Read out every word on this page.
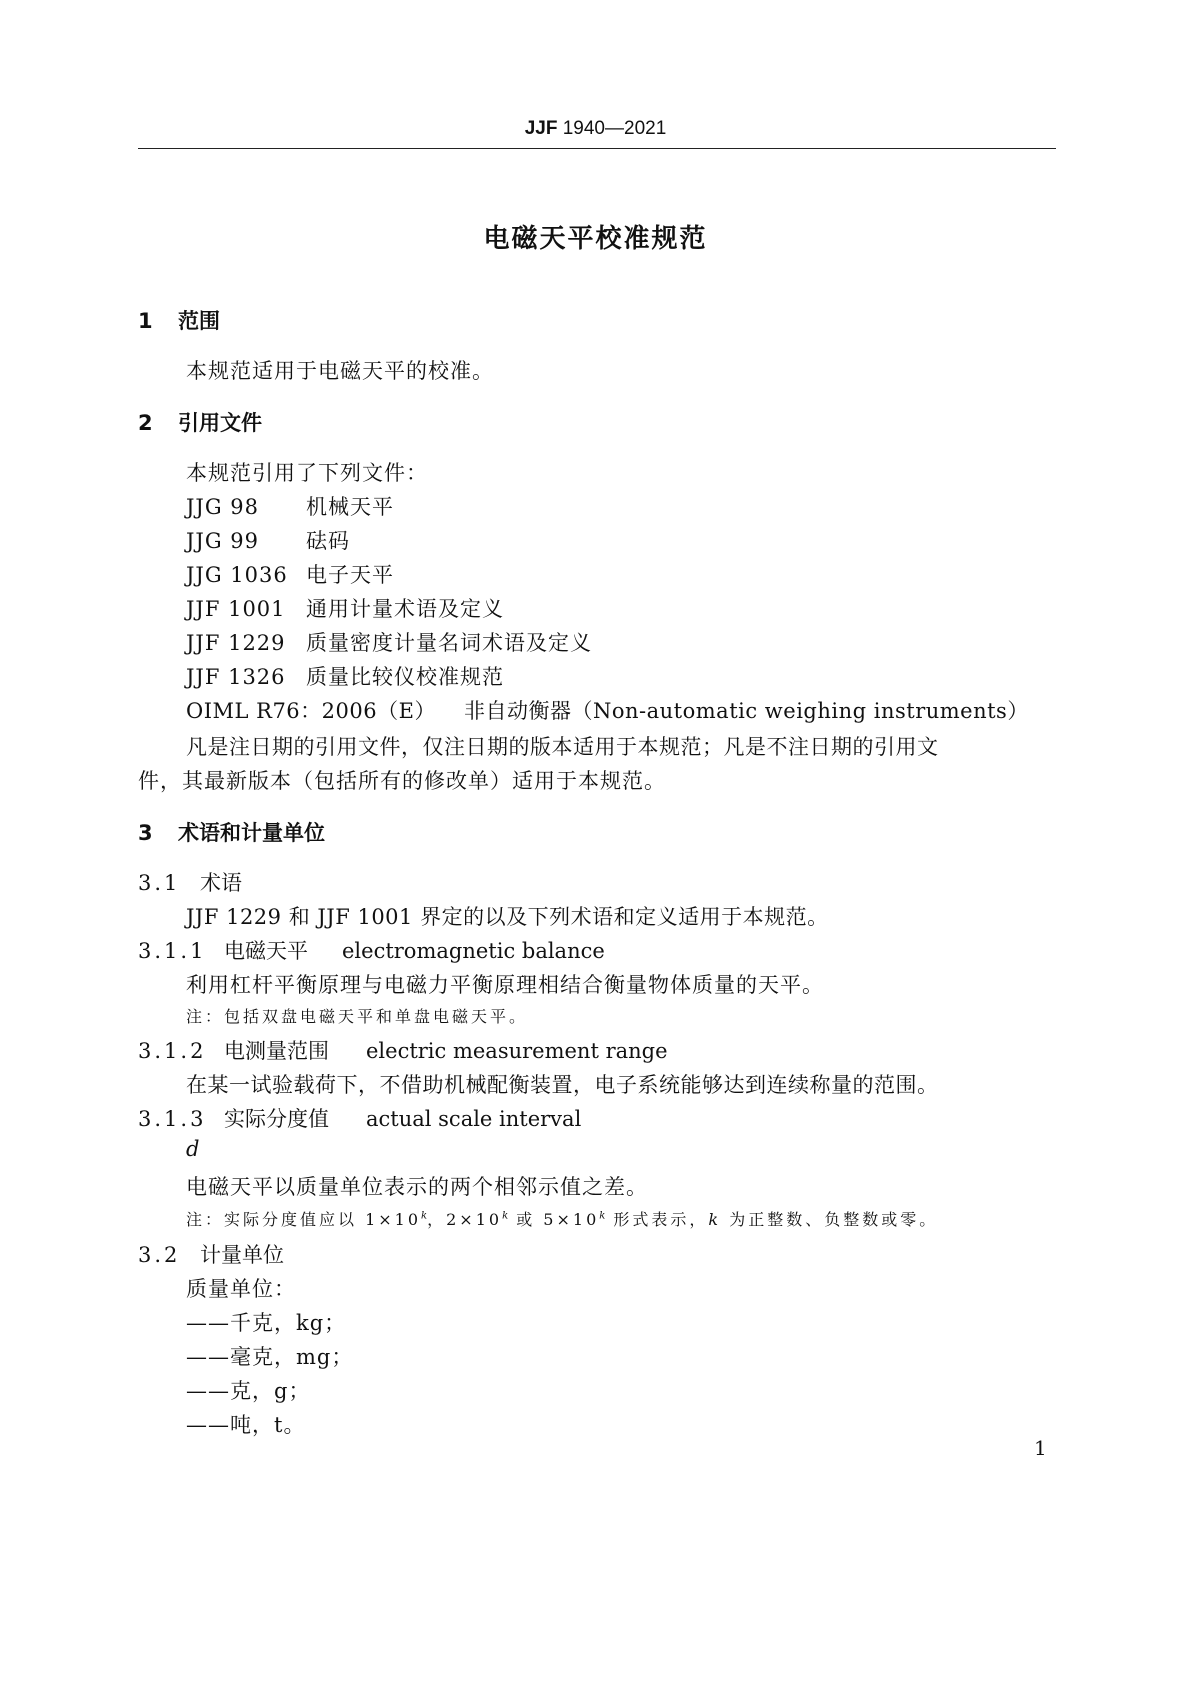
JJF 1940—2021
电磁天平校准规范
1 范围
本规范适用于电磁天平的校准。
2 引用文件
本规范引用了下列文件：
JJG 98 机械天平
JJG 99 砝码
JJG 1036 电子天平
JJF 1001 通用计量术语及定义
JJF 1229 质量密度计量名词术语及定义
JJF 1326 质量比较仪校准规范
OIML R76：2006（E） 非自动衡器（Non-automatic weighing instruments）
凡是注日期的引用文件，仅注日期的版本适用于本规范；凡是不注日期的引用文
件，其最新版本（包括所有的修改单）适用于本规范。
3 术语和计量单位
3.1 术语
JJF 1229 和 JJF 1001 界定的以及下列术语和定义适用于本规范。
3.1.1 电磁天平 electromagnetic balance
利用杠杆平衡原理与电磁力平衡原理相结合衡量物体质量的天平。
注：包括双盘电磁天平和单盘电磁天平。
3.1.2 电测量范围 electric measurement range
在某一试验载荷下，不借助机械配衡装置，电子系统能够达到连续称量的范围。
3.1.3 实际分度值 actual scale interval
d
电磁天平以质量单位表示的两个相邻示值之差。
注：实际分度值应以 $1\times 10^k$，$2\times 10^k$ 或 $5\times 10^k$ 形式表示，k 为正整数、负整数或零。
3.2 计量单位
质量单位：
——千克，kg；
——毫克，mg；
——克，g；
——吨，t。
1
